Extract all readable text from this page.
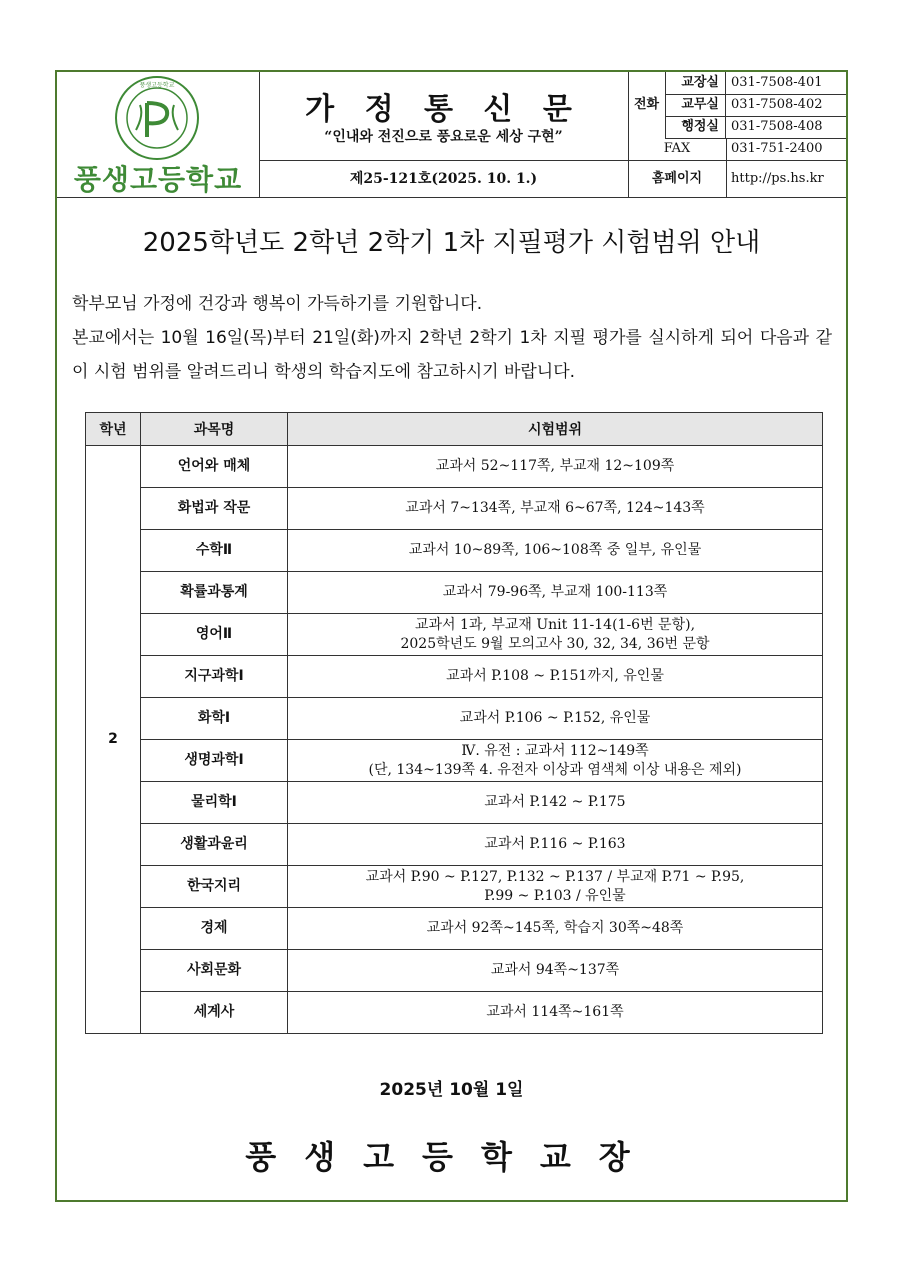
풍생고등학교
풍생고등학교
가 정 통 신 문
“인내와 전진으로 풍요로운 세상 구현”
제25-121호(2025. 10. 1.)
전화
교장실 031-7508-401
교무실 031-7508-402
행정실 031-7508-408
FAX	031-751-2400
홈페이지	http://ps.hs.kr
2025학년도 2학년 2학기 1차 지필평가 시험범위 안내

학부모님 가정에 건강과 행복이 가득하기를 기원합니다.

본교에서는 10월 16일(목)부터 21일(화)까지 2학년 2학기 1차 지필 평가를 실시하게 되어 다음과 같이 시험 범위를 알려드리니 학생의 학습지도에 참고하시기 바랍니다.

학년	과목명	시험범위
2	언어와 매체	교과서 52~117쪽, 부교재 12~109쪽

	화법과 작문	교과서 7~134쪽, 부교재 6~67쪽, 124~143쪽

	수학Ⅱ	교과서 10~89쪽, 106~108쪽 중 일부, 유인물

	확률과통계	교과서 79-96쪽, 부교재 100-113쪽

	영어Ⅱ	교과서 1과, 부교재 Unit 11-14(1-6번 문항),
2025학년도 9월 모의고사 30, 32, 34, 36번 문항

	지구과학Ⅰ	교과서 P.108 ~ P.151까지, 유인물

	화학Ⅰ	교과서 P.106 ~ P.152, 유인물

	생명과학Ⅰ	Ⅳ. 유전 : 교과서 112~149쪽
(단, 134~139쪽 4. 유전자 이상과 염색체 이상 내용은 제외)

	물리학Ⅰ	교과서 P.142 ~ P.175

	생활과윤리	교과서 P.116 ~ P.163

	한국지리	교과서 P.90 ~ P.127, P.132 ~ P.137 / 부교재 P.71 ~ P.95,
P.99 ~ P.103 / 유인물

	경제	교과서 92쪽~145쪽, 학습지 30쪽~48쪽

	사회문화	교과서 94쪽~137쪽

	세계사	교과서 114쪽~161쪽
2025년 10월 1일
풍생고등학교장
